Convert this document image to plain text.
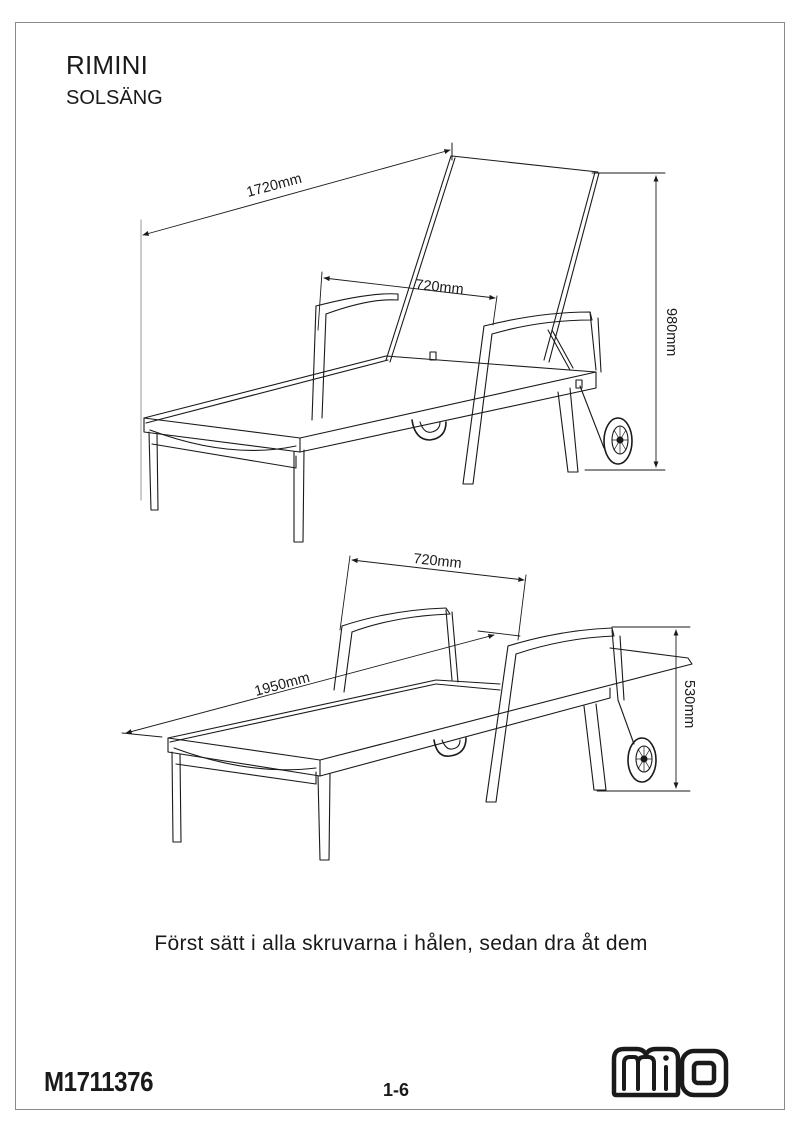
RIMINI
SOLSÄNG
1720mm
720mm
980mm
720mm
1950mm	530mm
Först sätt i alla skruvarna i hålen, sedan dra åt dem
M1711376	1-6
